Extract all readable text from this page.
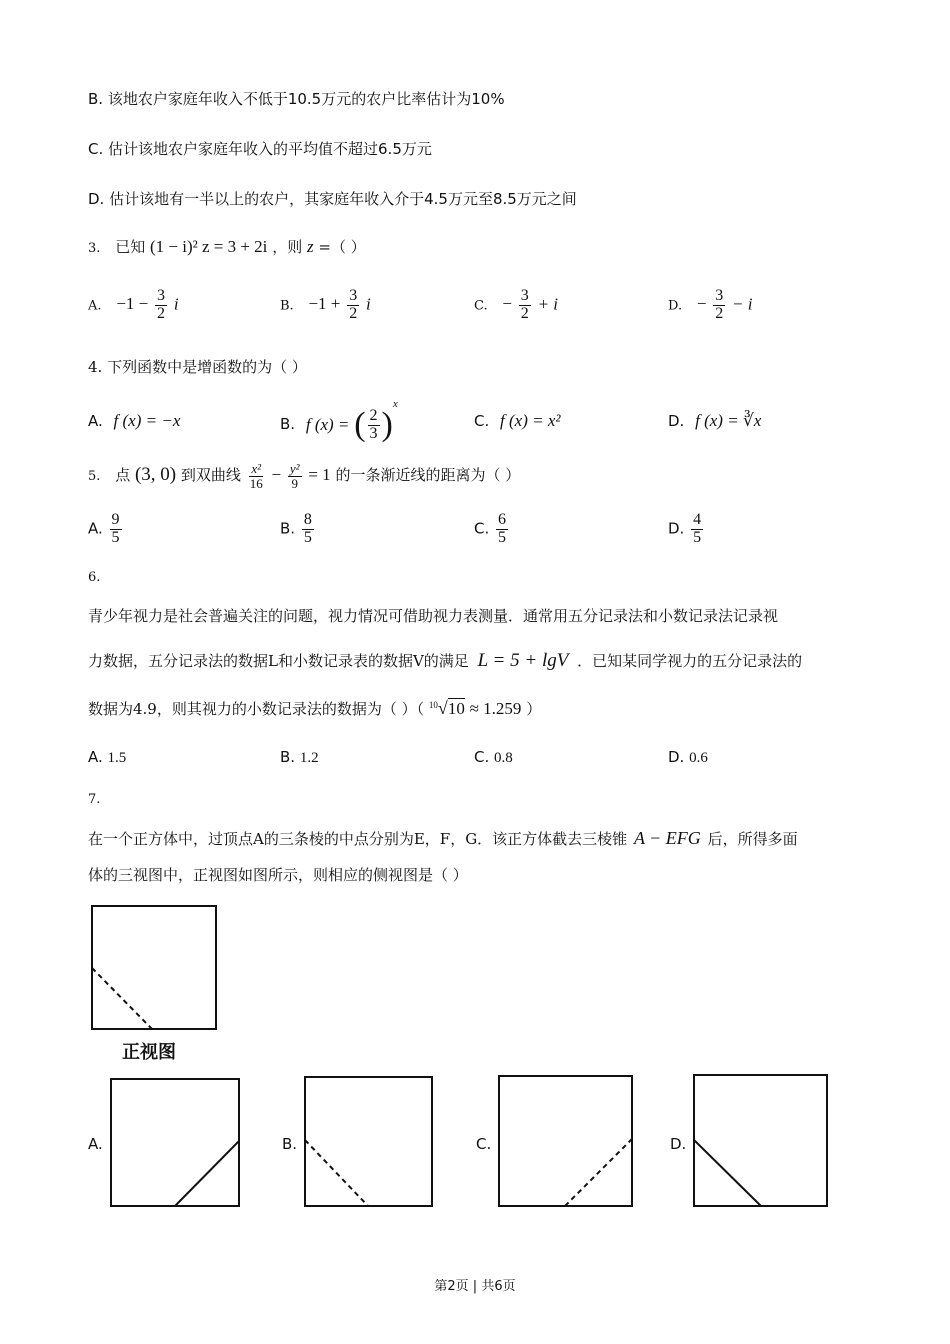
B. 该地农户家庭年收入不低于10.5万元的农户比率估计为10%
C. 估计该地农户家庭年收入的平均值不超过6.5万元
D. 估计该地有一半以上的农户，其家庭年收入介于4.5万元至8.5万元之间
3. 已知 (1 − i)² z = 3 + 2i ，则 z =（ ）
A. $-1 - \frac{3}{2}$ i	B. $-1 + \frac{3}{2}$ i	C. − $\frac{3}{2} + i$	D. − $\frac{3}{2} - i$
4. 下列函数中是增函数的为（ ）
A. f (x) = −x	B. f (x) = ( $\frac{2}{3} )^x$
C. f (x) = x²	D. f (x) = ∛x
5. 点 (3, 0) 到双曲线 $\frac{\text{x²}}{16} - \frac{\text{y²}}{9} = 1$ 的一条渐近线的距离为（ ）
A. $\frac{9}{5}$	B. $\frac{8}{5}$	C. $\frac{6}{5}$	D. $\frac{4}{5}$
6.
青少年视力是社会普遍关注的问题，视力情况可借助视力表测量．通常用五分记录法和小数记录法记录视
力数据，五分记录法的数据L和小数记录表的数据V的满足 L = 5 + lgV ．已知某同学视力的五分记录法的
数据为4.9，则其视力的小数记录法的数据为（ ）（ $^{10}$√10 ≈ 1.259 ）
A. 1.5	B. 1.2	C. 0.8	D. 0.6
7.
在一个正方体中，过顶点A的三条棱的中点分别为E，F，G．该正方体截去三棱锥 A − EFG 后，所得多面
体的三视图中，正视图如图所示，则相应的侧视图是（ ）
正视图
A.	B.	C.	D.
第2页 | 共6页
